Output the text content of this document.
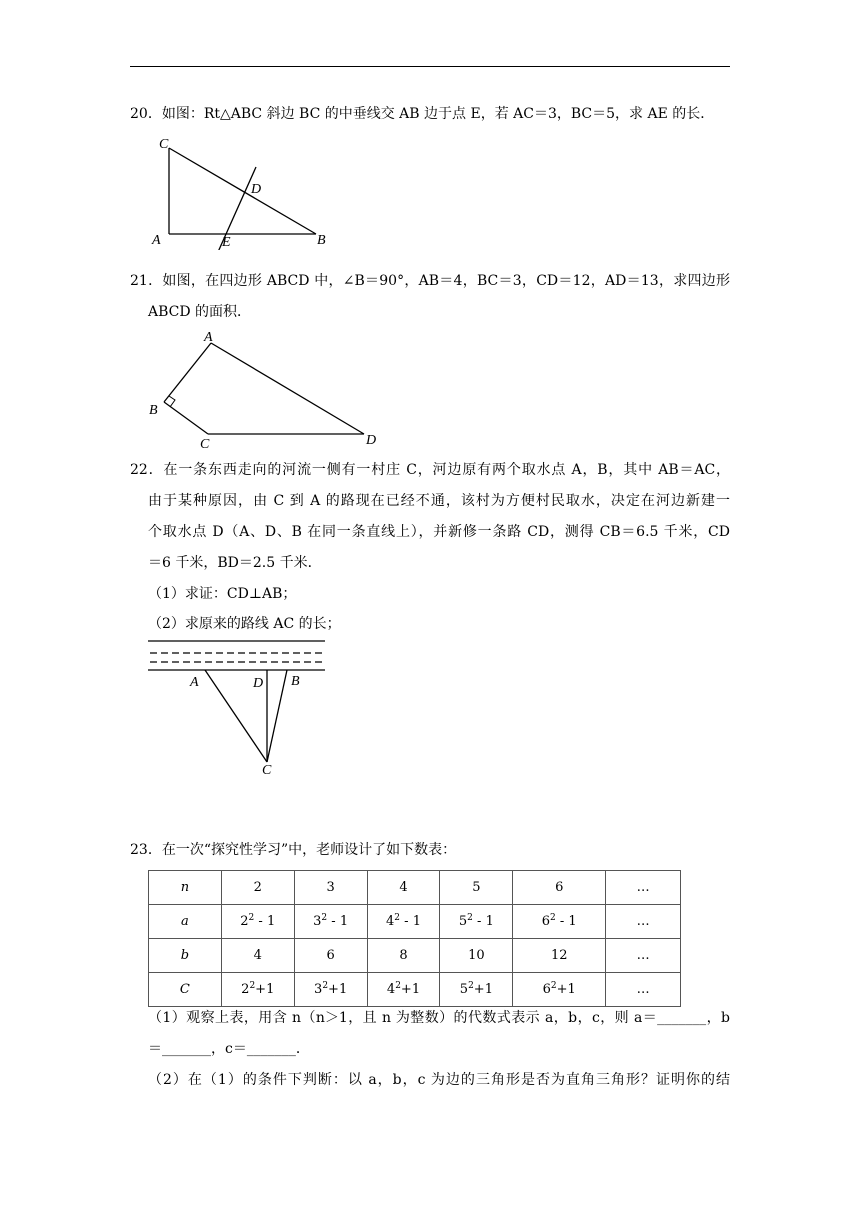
20．如图：Rt△ABC 斜边 BC 的中垂线交 AB 边于点 E，若 AC＝3，BC＝5，求 AE 的长．
C
D
A	E	B
21．如图，在四边形 ABCD 中，∠B＝90°，AB＝4，BC＝3，CD＝12，AD＝13，求四边形
ABCD 的面积．
A
B
C	D
22．在一条东西走向的河流一侧有一村庄 C，河边原有两个取水点 A，B，其中 AB＝AC，
由于某种原因，由 C 到 A 的路现在已经不通，该村为方便村民取水，决定在河边新建一
个取水点 D（A、D、B 在同一条直线上），并新修一条路 CD，测得 CB＝6.5 千米，CD
＝6 千米，BD＝2.5 千米．
（1）求证：CD⊥AB；
（2）求原来的路线 AC 的长；
A	D B
C
23．在一次“探究性学习”中，老师设计了如下数表：
n	2	3	4	5	6	…
a	$2^2 - 1$	$3^2 - 1$	$4^2 - 1$	$5^2 - 1$	$6^2 - 1$	…
b	4	6	8	10	12	…
C	$2^2+1$	$3^2+1$	$4^2+1$	$5^2+1$	$6^2+1$	…
（1）观察上表，用含 n（n＞1，且 n 为整数）的代数式表示 a，b，c，则 a＝_______，b
＝_______，c＝_______．
（2）在（1）的条件下判断：以 a，b，c 为边的三角形是否为直角三角形？证明你的结
